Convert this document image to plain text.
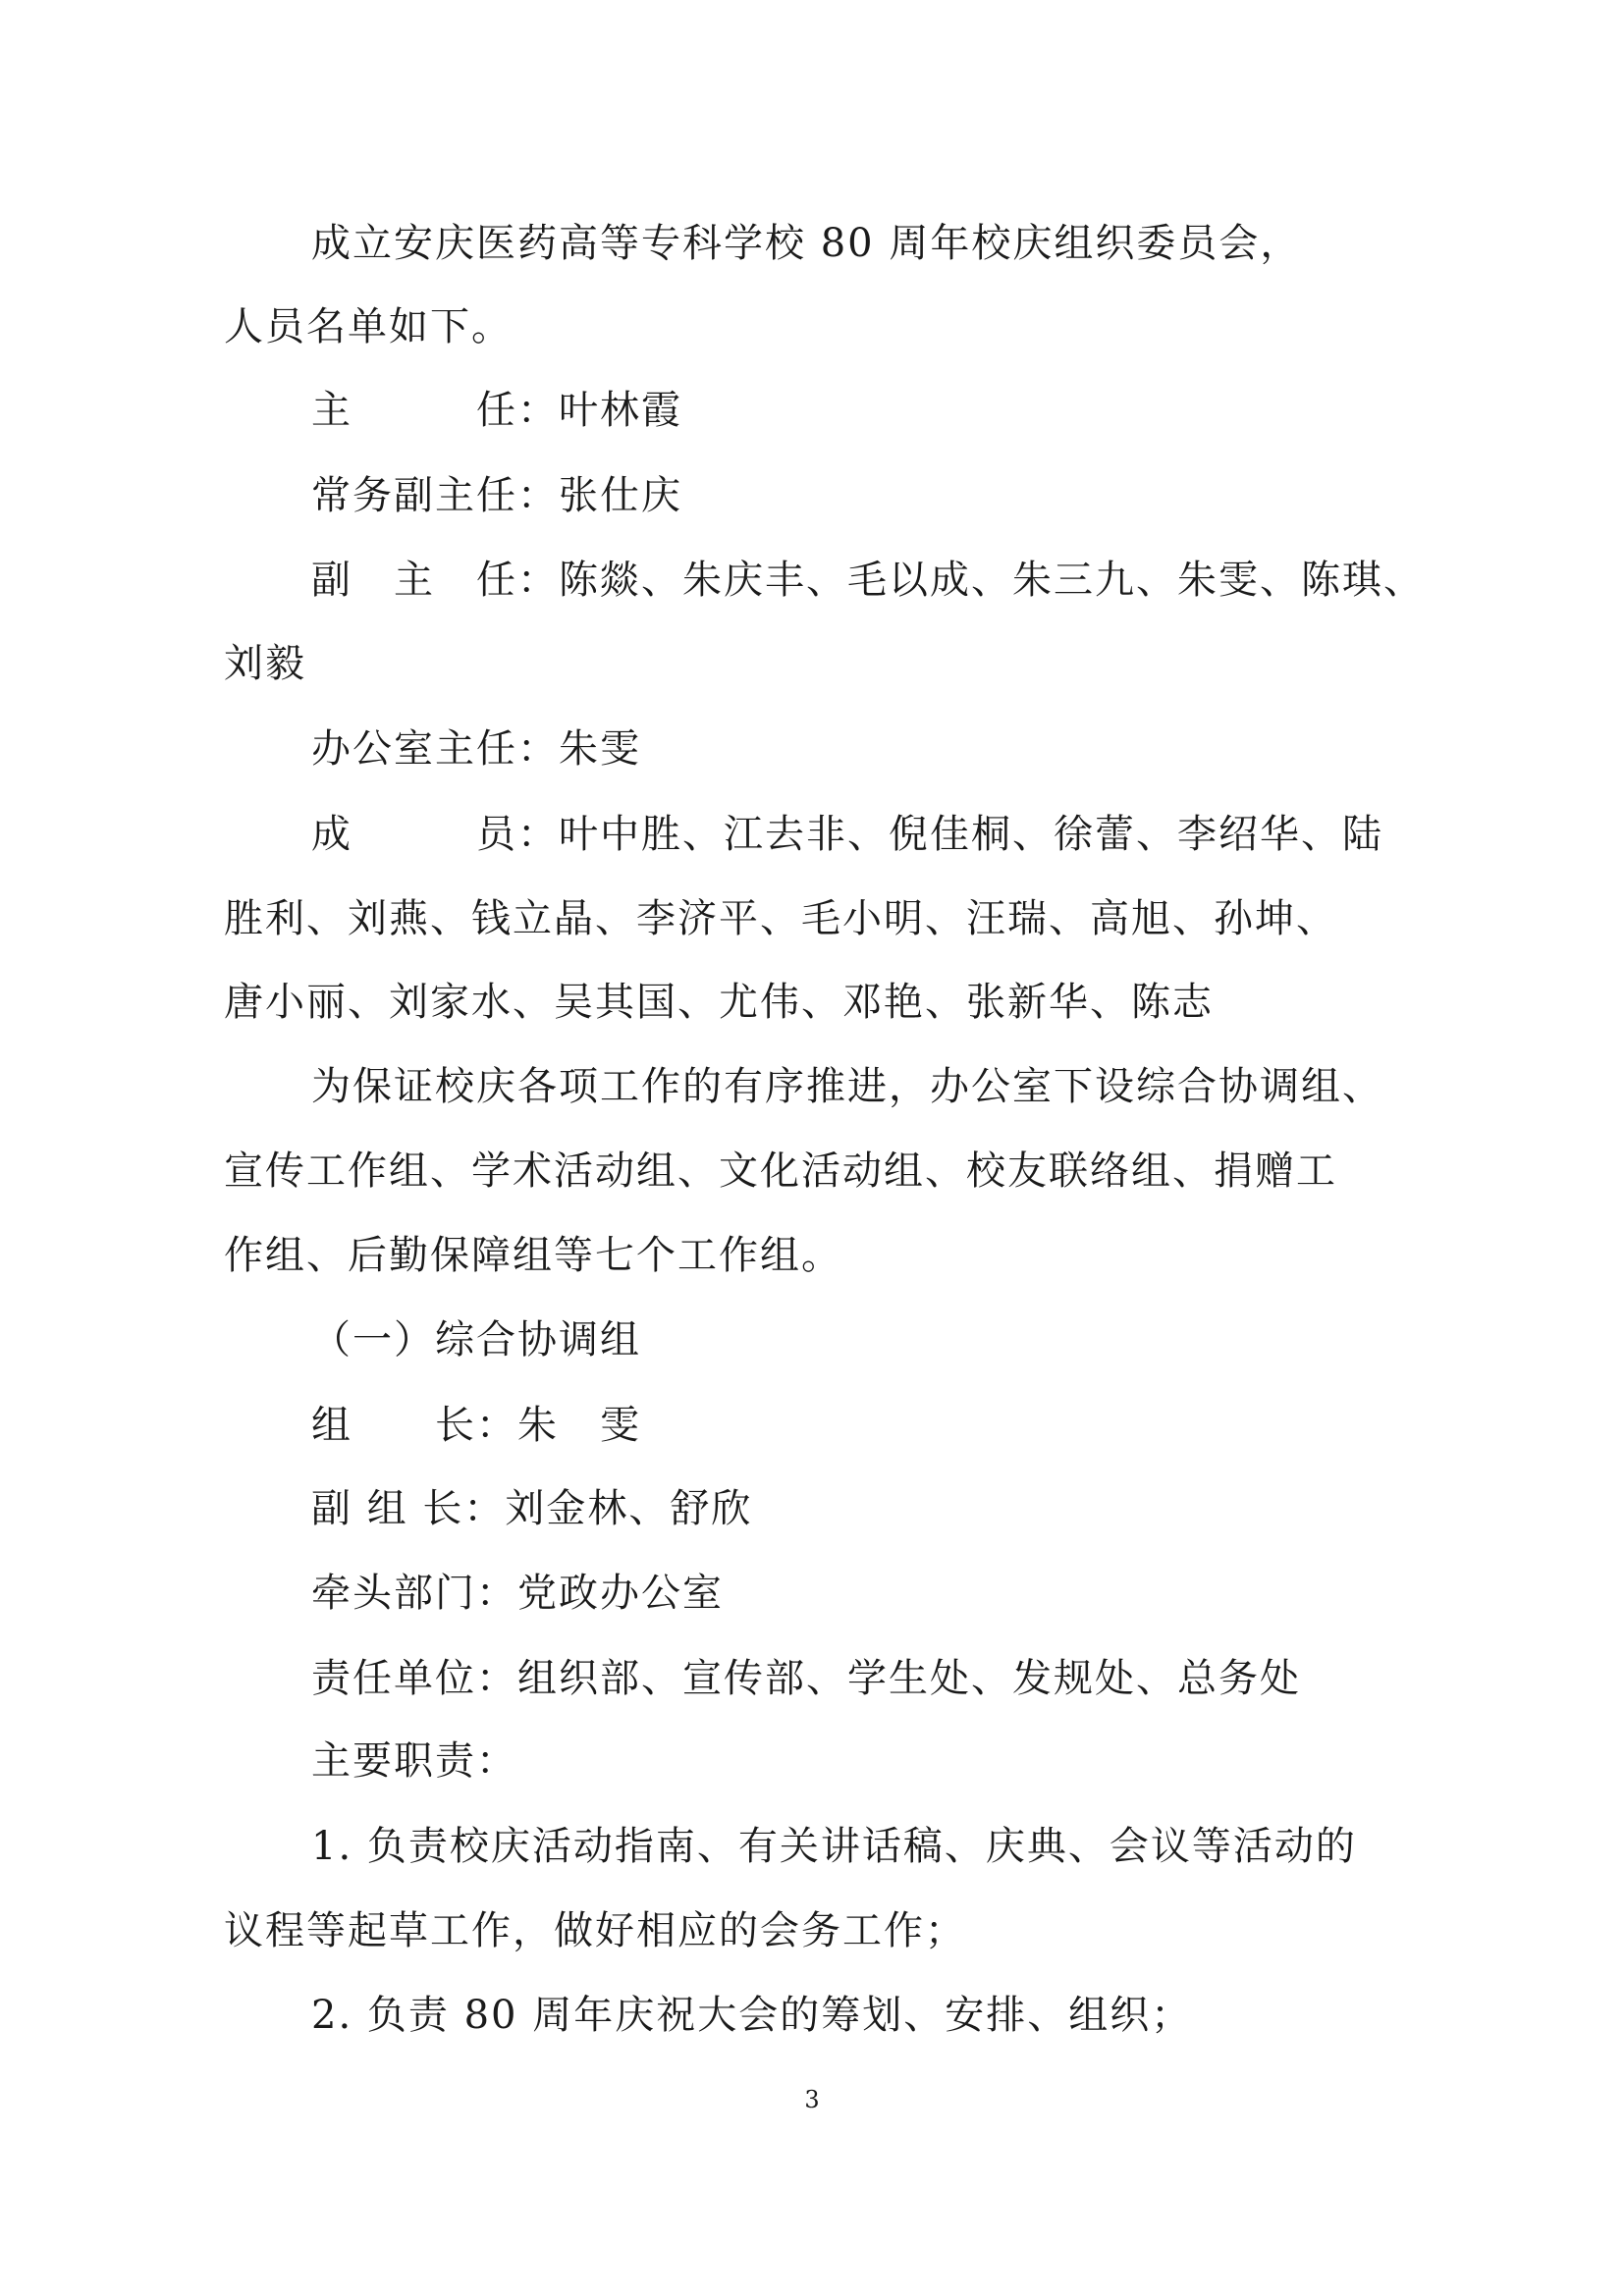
成立安庆医药高等专科学校 80 周年校庆组织委员会，
人员名单如下。
主　　　任：叶林霞
常务副主任：张仕庆
副　主　任：陈燚、朱庆丰、毛以成、朱三九、朱雯、陈琪、
刘毅
办公室主任：朱雯
成　　　员：叶中胜、江去非、倪佳桐、徐蕾、李绍华、陆
胜利、刘燕、钱立晶、李济平、毛小明、汪瑞、高旭、孙坤、
唐小丽、刘家水、吴其国、尤伟、邓艳、张新华、陈志
为保证校庆各项工作的有序推进，办公室下设综合协调组、
宣传工作组、学术活动组、文化活动组、校友联络组、捐赠工
作组、后勤保障组等七个工作组。
（一）综合协调组
组　　长：朱　雯
副 组 长：刘金林、舒欣
牵头部门：党政办公室
责任单位：组织部、宣传部、学生处、发规处、总务处
主要职责：
1. 负责校庆活动指南、有关讲话稿、庆典、会议等活动的
议程等起草工作，做好相应的会务工作；
2. 负责 80 周年庆祝大会的筹划、安排、组织；
3
